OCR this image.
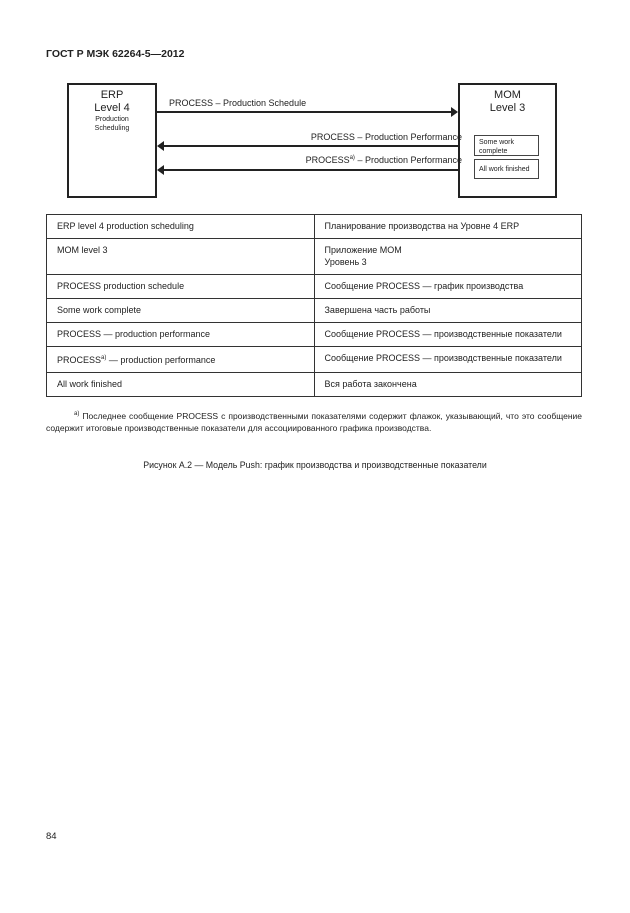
ГОСТ Р МЭК 62264-5—2012
ERP
Level 4
Production
Scheduling
MOM
Level 3
Some work complete
All work finished
PROCESS – Production Schedule
PROCESS – Production Performance
PROCESS$^{a)}$ – Production Performance
ERP level 4 production scheduling	Планирование производства на Уровне 4 ERP
MOM level 3	Приложение MOM
Уровень 3

PROCESS production schedule	Сообщение PROCESS — график производства
Some work complete	Завершена часть работы
PROCESS — production performance	Сообщение PROCESS — производственные показатели
PROCESS$^{a)}$ — production performance	Сообщение PROCESS — производственные показатели
All work finished	Вся работа закончена
$^{a)}$ Последнее сообщение PROCESS с производственными показателями содержит флажок, указывающий, что это сообщение содержит итоговые производственные показатели для ассоциированного графика производства.
Рисунок А.2 — Модель Push: график производства и производственные показатели
84
